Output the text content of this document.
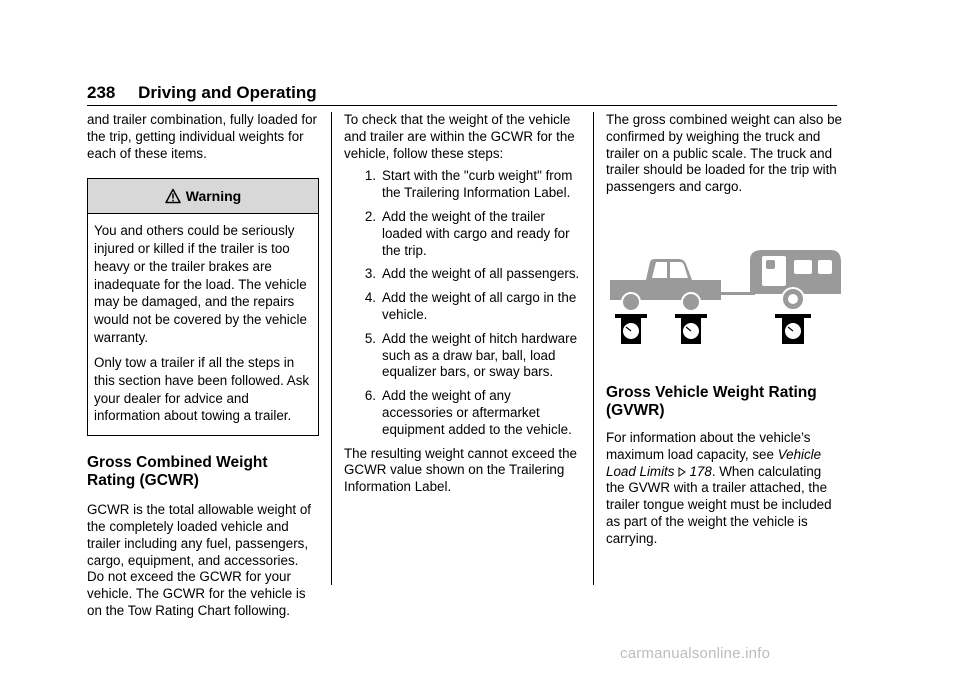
238 Driving and Operating

and trailer combination, fully loaded for the trip, getting individual weights for each of these items.

Warning

You and others could be seriously injured or killed if the trailer is too heavy or the trailer brakes are inadequate for the load. The vehicle may be damaged, and the repairs would not be covered by the vehicle warranty.

Only tow a trailer if all the steps in this section have been followed. Ask your dealer for advice and information about towing a trailer.

Gross Combined Weight Rating (GCWR)

GCWR is the total allowable weight of the completely loaded vehicle and trailer including any fuel, passengers, cargo, equipment, and accessories. Do not exceed the GCWR for your vehicle. The GCWR for the vehicle is on the Tow Rating Chart following.

To check that the weight of the vehicle and trailer are within the GCWR for the vehicle, follow these steps:

1. Start with the "curb weight" from the Trailering Information Label.
2. Add the weight of the trailer loaded with cargo and ready for the trip.
3. Add the weight of all passengers.
4. Add the weight of all cargo in the vehicle.
5. Add the weight of hitch hardware such as a draw bar, ball, load equalizer bars, or sway bars.
6. Add the weight of any accessories or aftermarket equipment added to the vehicle.

The resulting weight cannot exceed the GCWR value shown on the Trailering Information Label.

The gross combined weight can also be confirmed by weighing the truck and trailer on a public scale. The truck and trailer should be loaded for the trip with passengers and cargo.

Gross Vehicle Weight Rating (GVWR)

For information about the vehicle’s maximum load capacity, see Vehicle Load Limits 178. When calculating the GVWR with a trailer attached, the trailer tongue weight must be included as part of the weight the vehicle is carrying.

carmanualsonline.info
